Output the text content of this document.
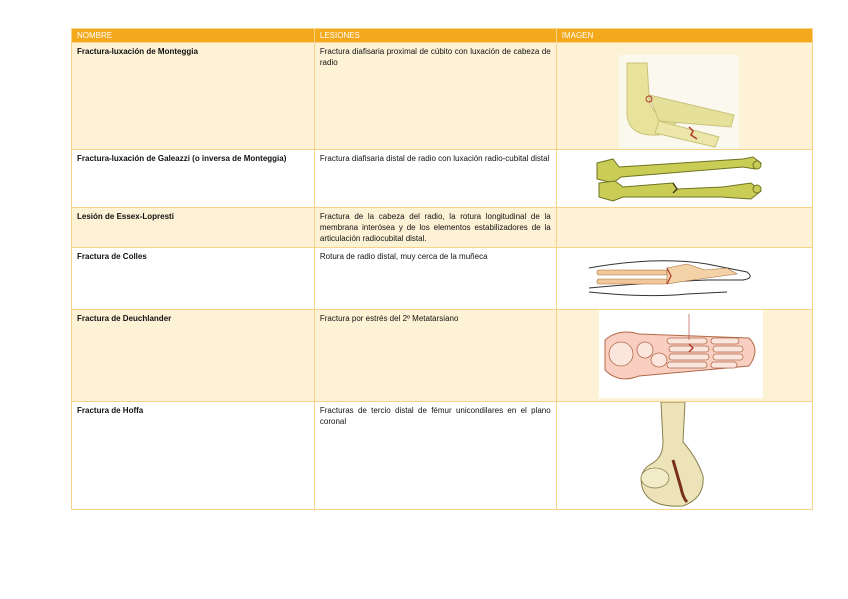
NOMBRE	LESIONES	IMAGEN
Fractura-luxación de Monteggia	Fractura diafisaria proximal de cúbito con luxación de cabeza de radio	

Fractura-luxación de Galeazzi (o inversa de Monteggia)	Fractura diafisaria distal de radio con luxación radio-cubital distal	

Lesión de Essex-Lopresti	Fractura de la cabeza del radio, la rotura longitudinal de la membrana interósea y de los elementos estabilizadores de la articulación radiocubital distal.	
Fractura de Colles	Rotura de radio distal, muy cerca de la muñeca	

Fractura de Deuchlander	Fractura por estrés del 2º Metatarsiano	

Fractura de Hoffa	Fracturas de tercio distal de fémur unicondilares en el plano coronal	
